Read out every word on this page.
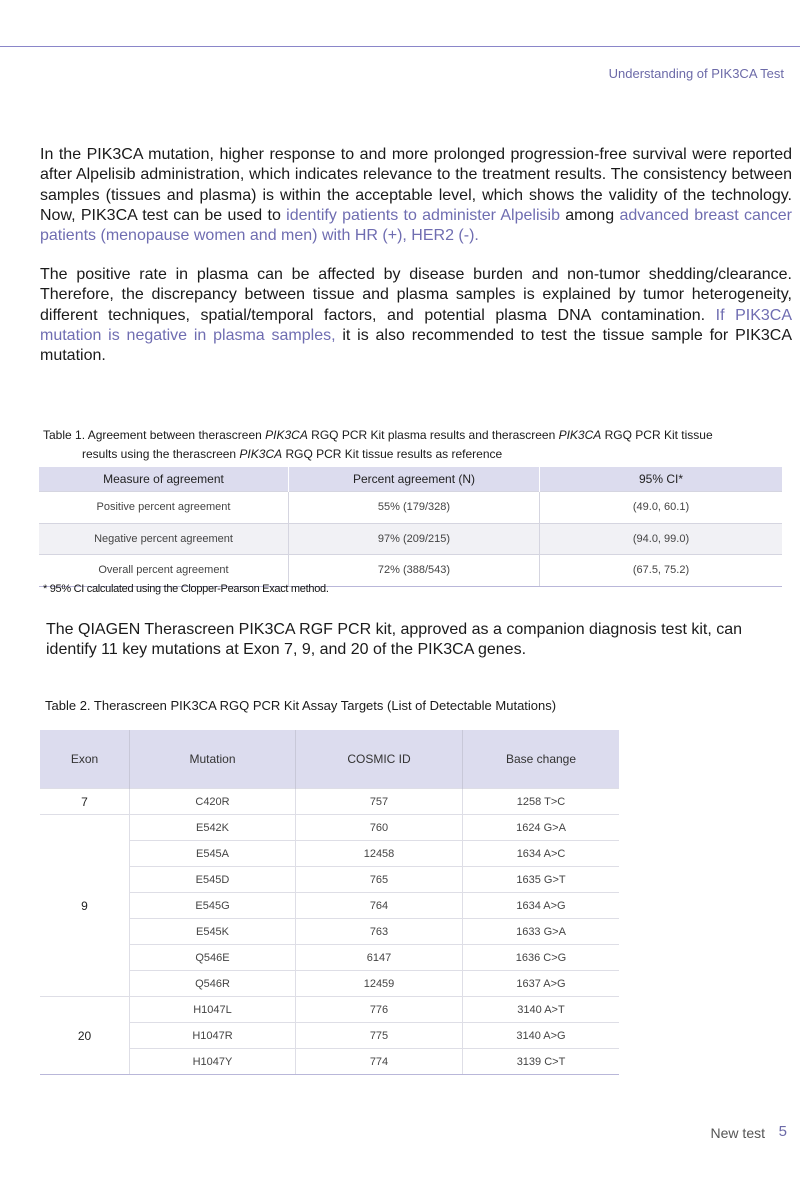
Understanding of PIK3CA Test

In the PIK3CA mutation, higher response to and more prolonged progression-free survival were reported after Alpelisib administration, which indicates relevance to the treatment results. The consistency between samples (tissues and plasma) is within the acceptable level, which shows the validity of the technology. Now, PIK3CA test can be used to identify patients to administer Alpelisib among advanced breast cancer patients (menopause women and men) with HR (+), HER2 (-).

The positive rate in plasma can be affected by disease burden and non-tumor shedding/clearance. Therefore, the discrepancy between tissue and plasma samples is explained by tumor heterogeneity, different techniques, spatial/temporal factors, and potential plasma DNA contamination. If PIK3CA mutation is negative in plasma samples, it is also recommended to test the tissue sample for PIK3CA mutation.

Table 1. Agreement between therascreen PIK3CA RGQ PCR Kit plasma results and therascreen PIK3CA RGQ PCR Kit tissue
results using the therascreen PIK3CA RGQ PCR Kit tissue results as reference
Measure of agreement	Percent agreement (N)	95% CI*
Positive percent agreement	55% (179/328)	(49.0, 60.1)
Negative percent agreement	97% (209/215)	(94.0, 99.0)
Overall percent agreement	72% (388/543)	(67.5, 75.2)
* 95% CI calculated using the Clopper-Pearson Exact method.

The QIAGEN Therascreen PIK3CA RGF PCR kit, approved as a companion diagnosis test kit, can identify 11 key mutations at Exon 7, 9, and 20 of the PIK3CA genes.

Table 2. Therascreen PIK3CA RGQ PCR Kit Assay Targets (List of Detectable Mutations)
Exon	Mutation	COSMIC ID	Base change
7	C420R	757	1258 T>C
9	E542K	760	1624 G>A
	E545A	12458	1634 A>C
	E545D	765	1635 G>T
	E545G	764	1634 A>G
	E545K	763	1633 G>A
	Q546E	6147	1636 C>G
	Q546R	12459	1637 A>G
20	H1047L	776	3140 A>T
	H1047R	775	3140 A>G
	H1047Y	774	3139 C>T
New test 5
